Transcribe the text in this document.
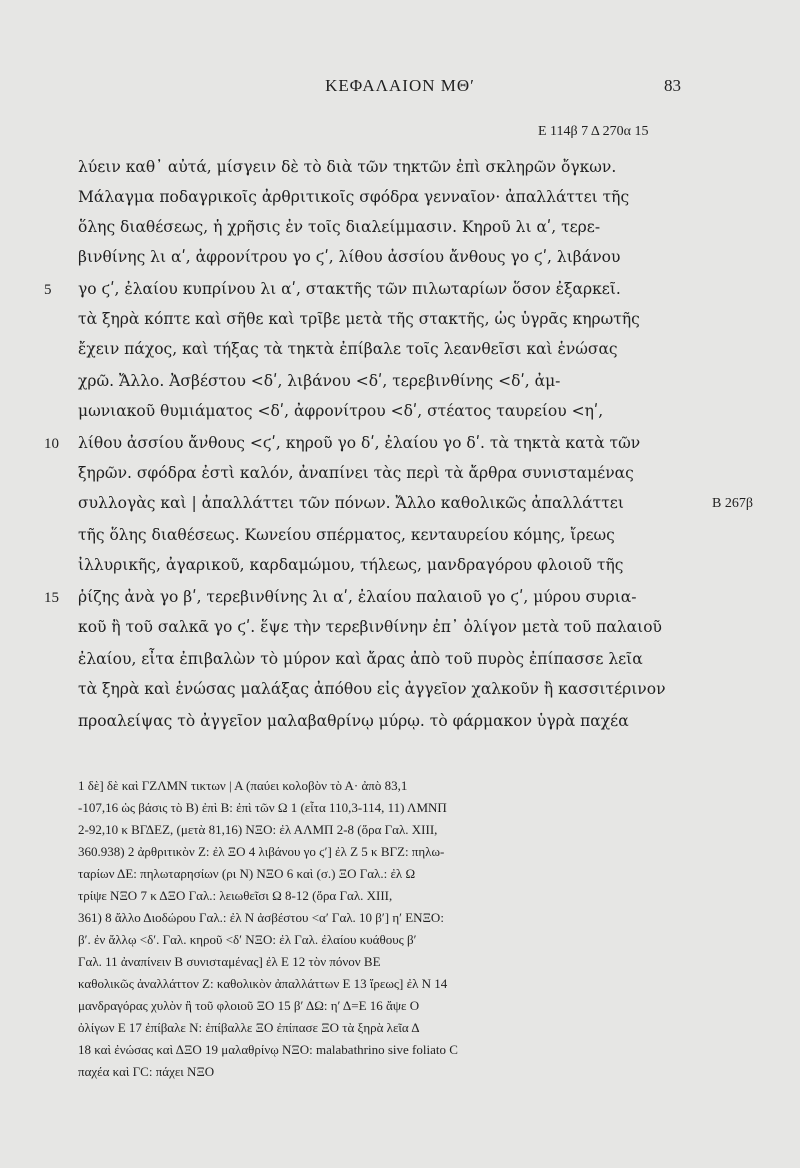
ΚΕΦΑΛΑΙΟΝ ΜΘʹ	83
E 114β 7 Δ 270α 15
λύειν καθ᾽ αὐτά, μίσγειν δὲ τὸ διὰ τῶν τηκτῶν ἐπὶ σκληρῶν ὄγκων.
Μάλαγμα ποδαγρικοῖς ἀρθριτικοῖς σφόδρα γενναῖον· ἀπαλλάττει τῆς
ὅλης διαθέσεως, ἡ χρῆσις ἐν τοῖς διαλείμμασιν. Κηροῦ λι αʹ, τερε-
βινθίνης λι αʹ, ἀφρονίτρου γο ϛʹ, λίθου ἀσσίου ἄνθους γο ϛʹ, λιβάνου
γο ϛʹ, ἐλαίου κυπρίνου λι αʹ, στακτῆς τῶν πιλωταρίων ὅσον ἐξαρκεῖ.
τὰ ξηρὰ κόπτε καὶ σῆθε καὶ τρῖβε μετὰ τῆς στακτῆς, ὡς ὑγρᾶς κηρωτῆς
ἔχειν πάχος, καὶ τήξας τὰ τηκτὰ ἐπίβαλε τοῖς λεανθεῖσι καὶ ἑνώσας
χρῶ. Ἄλλο. Ἀσβέστου <δʹ, λιβάνου <δʹ, τερεβινθίνης <δʹ, ἀμ-
μωνιακοῦ θυμιάματος <δʹ, ἀφρονίτρου <δʹ, στέατος ταυρείου <ηʹ,
λίθου ἀσσίου ἄνθους <ϛʹ, κηροῦ γο δʹ, ἐλαίου γο δʹ. τὰ τηκτὰ κατὰ τῶν
ξηρῶν. σφόδρα ἐστὶ καλόν, ἀναπίνει τὰς περὶ τὰ ἄρθρα συνισταμένας
συλλογὰς καὶ | ἀπαλλάττει τῶν πόνων. Ἄλλο καθολικῶς ἀπαλλάττει
τῆς ὅλης διαθέσεως. Κωνείου σπέρματος, κενταυρείου κόμης, ἴρεως
ἰλλυρικῆς, ἀγαρικοῦ, καρδαμώμου, τήλεως, μανδραγόρου φλοιοῦ τῆς
ῥίζης ἀνὰ γο βʹ, τερεβινθίνης λι αʹ, ἐλαίου παλαιοῦ γο ϛʹ, μύρου συρια-
κοῦ ἢ τοῦ σαλκᾶ γο ϛʹ. ἕψε τὴν τερεβινθίνην ἐπ᾽ ὀλίγον μετὰ τοῦ παλαιοῦ
ἐλαίου, εἶτα ἐπιβαλὼν τὸ μύρον καὶ ἄρας ἀπὸ τοῦ πυρὸς ἐπίπασσε λεῖα
τὰ ξηρὰ καὶ ἑνώσας μαλάξας ἀπόθου εἰς ἀγγεῖον χαλκοῦν ἢ κασσιτέρινον
προαλείψας τὸ ἀγγεῖον μαλαβαθρίνῳ μύρῳ. τὸ φάρμακον ὑγρὰ παχέα
5
10
15
B 267β
1 δὲ] δὲ καὶ ΓΖΛΜΝ τικτων | Α (παύει κολοβὸν τὸ Α· ἀπὸ 83,1
-107,16 ὡς βάσις τὸ Β) ἐπὶ Β: ἐπὶ τῶν Ω 1 (εἶτα 110,3-114, 11) ΛΜΝΠ
2-92,10 κ ΒΓΔΕΖ, (μετὰ 81,16) ΝΞΟ: ἐλ ΑΛΜΠ 2-8 (ὅρα Γαλ. XIII,
360.938) 2 ἀρθριτικὸν Ζ: ἐλ ΞΟ 4 λιβάνου γο ϛʹ] ἐλ Ζ 5 κ ΒΓΖ: πηλω-
ταρίων ΔΕ: πηλωταρησίων (ρι Ν) ΝΞΟ 6 καὶ (σ.) ΞΟ Γαλ.: ἐλ Ω
τρίψε ΝΞΟ 7 κ ΔΞΟ Γαλ.: λειωθεῖσι Ω 8-12 (ὅρα Γαλ. XIII,
361) 8 ἄλλο Διοδώρου Γαλ.: ἐλ Ν ἀσβέστου <αʹ Γαλ. 10 βʹ] ηʹ ΕΝΞΟ:
βʹ. ἐν ἄλλῳ <δʹ. Γαλ. κηροῦ <δʹ ΝΞΟ: ἐλ Γαλ. ἐλαίου κυάθους βʹ
Γαλ. 11 ἀναπίνειν Β συνισταμένας] ἐλ Ε 12 τὸν πόνον ΒΕ
καθολικῶς ἀναλλάττον Ζ: καθολικὸν ἀπαλλάττων Ε 13 ἴρεως] ἐλ Ν 14
μανδραγόρας χυλὸν ἢ τοῦ φλοιοῦ ΞΟ 15 βʹ ΔΩ: ηʹ Δ=Ε 16 ἄψε Ο
ὀλίγων Ε 17 ἐπίβαλε Ν: ἐπίβαλλε ΞΟ ἐπίπασε ΞΟ τὰ ξηρὰ λεῖα Δ
18 καὶ ἐνώσας καὶ ΔΞΟ 19 μαλαθρίνῳ ΝΞΟ: malabathrino sive foliato C
παχέα καὶ ΓC: πάχει ΝΞΟ
